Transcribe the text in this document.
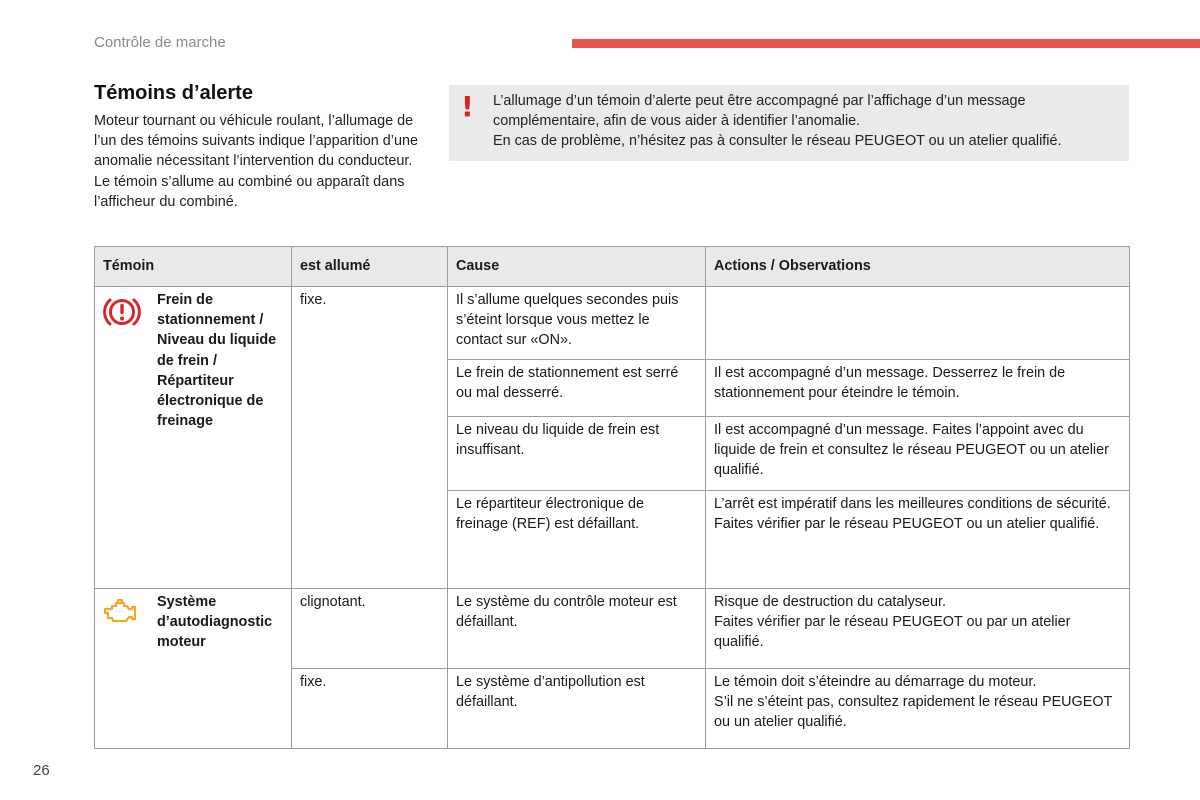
Contrôle de marche
Témoins d’alerte

Moteur tournant ou véhicule roulant, l’allumage de l’un des témoins suivants indique l’apparition d’une anomalie nécessitant l’intervention du conducteur.

Le témoin s’allume au combiné ou apparaît dans l’afficheur du combiné.

! L’allumage d’un témoin d’alerte peut être accompagné par l’affichage d’un message complémentaire, afin de vous aider à identifier l’anomalie.

En cas de problème, n’hésitez pas à consulter le réseau PEUGEOT ou un atelier qualifié.

Témoin		est allumé	Cause	Actions / Observations

	Frein de stationnement / Niveau du liquide de frein / Répartiteur électronique de freinage	fixe.	Il s’allume quelques secondes puis s’éteint lorsque vous mettez le contact sur «ON».	
			Le frein de stationnement est serré ou mal desserré.	Il est accompagné d’un message. Desserrez le frein de stationnement pour éteindre le témoin.
			Le niveau du liquide de frein est insuffisant.	Il est accompagné d’un message. Faites l’appoint avec du liquide de frein et consultez le réseau PEUGEOT ou un atelier qualifié.
			Le répartiteur électronique de freinage (REF) est défaillant.	L’arrêt est impératif dans les meilleures conditions de sécurité.
Faites vérifier par le réseau PEUGEOT ou un atelier qualifié.

	Système d’autodiagnostic moteur	clignotant.	Le système du contrôle moteur est défaillant.	Risque de destruction du catalyseur.
Faites vérifier par le réseau PEUGEOT ou par un atelier qualifié.
		fixe.	Le système d’antipollution est défaillant.	Le témoin doit s’éteindre au démarrage du moteur.
S’il ne s’éteint pas, consultez rapidement le réseau PEUGEOT ou un atelier qualifié.
26
